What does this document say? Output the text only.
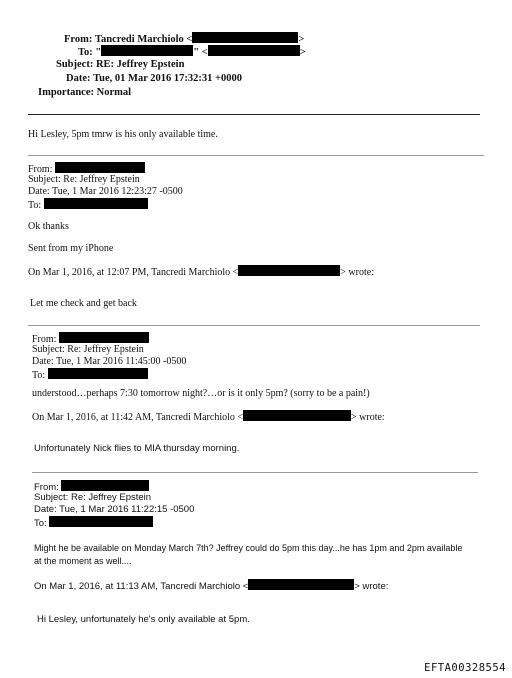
From: Tancredi Marchiolo <	>
To: "	" <	>
Subject: RE: Jeffrey Epstein
Date: Tue, 01 Mar 2016 17:32:31 +0000
Importance: Normal
Hi Lesley, 5pm tmrw is his only available time.
From:
Subject: Re: Jeffrey Epstein
Date: Tue, 1 Mar 2016 12:23:27 -0500
To:
Ok thanks
Sent from my iPhone
On Mar 1, 2016, at 12:07 PM, Tancredi Marchiolo <	> wrote:
Let me check and get back
From:
Subject: Re: Jeffrey Epstein
Date: Tue, 1 Mar 2016 11:45:00 -0500
To:
understood…perhaps 7:30 tomorrow night?…or is it only 5pm? (sorry to be a pain!)
On Mar 1, 2016, at 11:42 AM, Tancredi Marchiolo <	> wrote:
Unfortunately Nick flies to MIA thursday morning.
From:
Subject: Re: Jeffrey Epstein
Date: Tue, 1 Mar 2016 11:22:15 -0500
To:
Might he be available on Monday March 7th? Jeffrey could do 5pm this day...he has 1pm and 2pm available
at the moment as well....
On Mar 1, 2016, at 11:13 AM, Tancredi Marchiolo <	> wrote:
Hi Lesley, unfortunately he's only available at 5pm.
EFTA00328554
